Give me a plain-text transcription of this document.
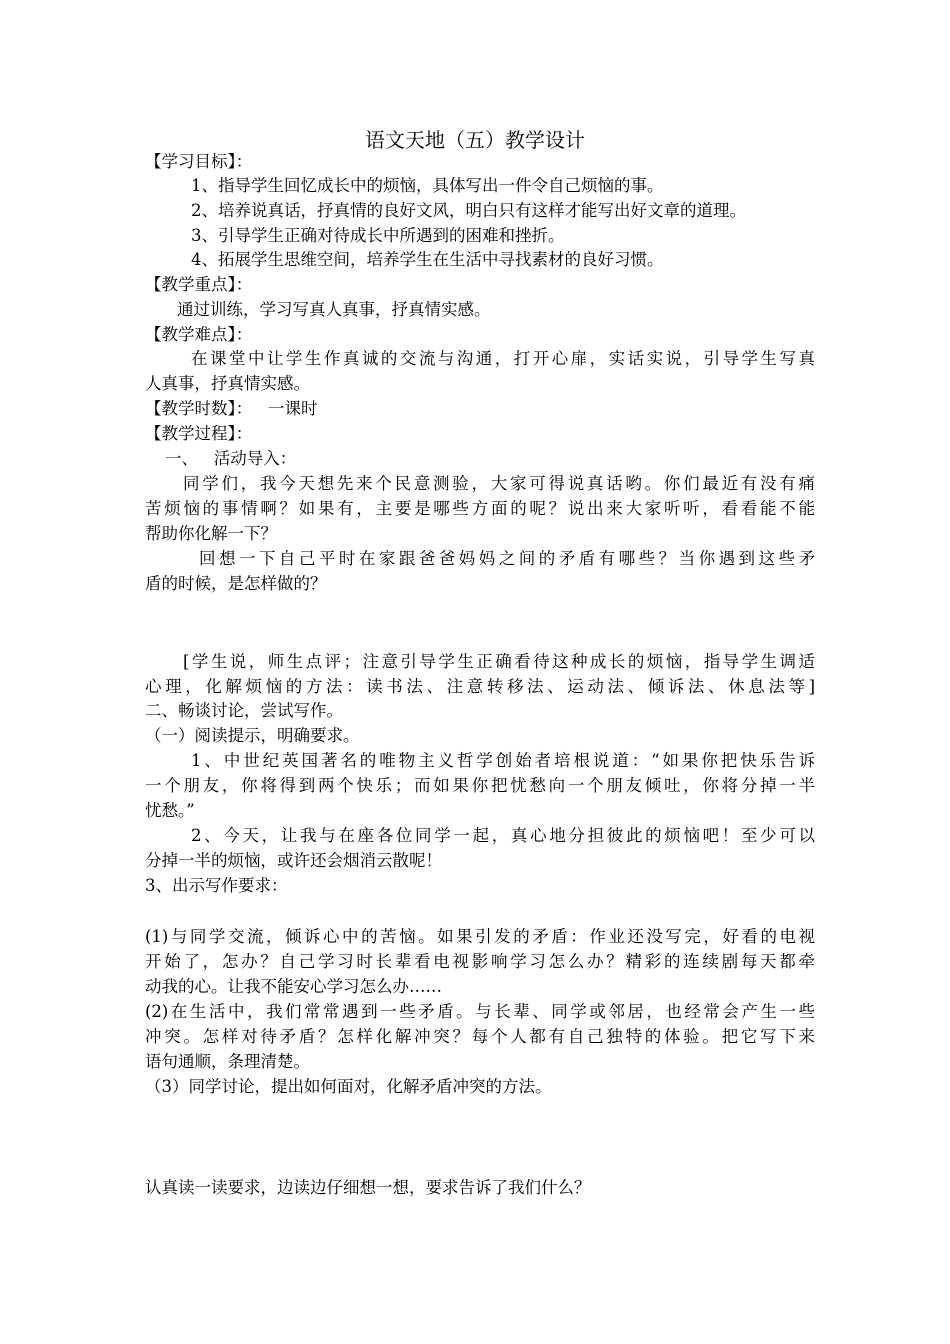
语文天地（五）教学设计
【学习目标】：
1、指导学生回忆成长中的烦恼，具体写出一件令自己烦恼的事。
2、培养说真话，抒真情的良好文风，明白只有这样才能写出好文章的道理。
3、引导学生正确对待成长中所遇到的困难和挫折。
4、拓展学生思维空间，培养学生在生活中寻找素材的良好习惯。
【教学重点】：
通过训练，学习写真人真事，抒真情实感。
【教学难点】：
在课堂中让学生作真诚的交流与沟通，打开心扉，实话实说，引导学生写真
人真事，抒真情实感。
【教学时数】：   一课时
【教学过程】：
一、   活动导入：
同学们，我今天想先来个民意测验，大家可得说真话哟。你们最近有没有痛
苦烦恼的事情啊？如果有，主要是哪些方面的呢？说出来大家听听，看看能不能
帮助你化解一下？
回想一下自己平时在家跟爸爸妈妈之间的矛盾有哪些？当你遇到这些矛
盾的时候，是怎样做的？
[学生说，师生点评；注意引导学生正确看待这种成长的烦恼，指导学生调适
心理，化解烦恼的方法：读书法、注意转移法、运动法、倾诉法、休息法等]
二、畅谈讨论，尝试写作。
（一）阅读提示，明确要求。
1、中世纪英国著名的唯物主义哲学创始者培根说道：“如果你把快乐告诉
一个朋友，你将得到两个快乐；而如果你把忧愁向一个朋友倾吐，你将分掉一半
忧愁。”
2、今天，让我与在座各位同学一起，真心地分担彼此的烦恼吧！至少可以
分掉一半的烦恼，或许还会烟消云散呢！
3、出示写作要求：
(1)与同学交流，倾诉心中的苦恼。如果引发的矛盾：作业还没写完，好看的电视
开始了，怎办？自己学习时长辈看电视影响学习怎么办？精彩的连续剧每天都牵
动我的心。让我不能安心学习怎么办……
(2)在生活中，我们常常遇到一些矛盾。与长辈、同学或邻居，也经常会产生一些
冲突。怎样对待矛盾？怎样化解冲突？每个人都有自己独特的体验。把它写下来
语句通顺，条理清楚。
（3）同学讨论，提出如何面对，化解矛盾冲突的方法。
认真读一读要求，边读边仔细想一想，要求告诉了我们什么？
